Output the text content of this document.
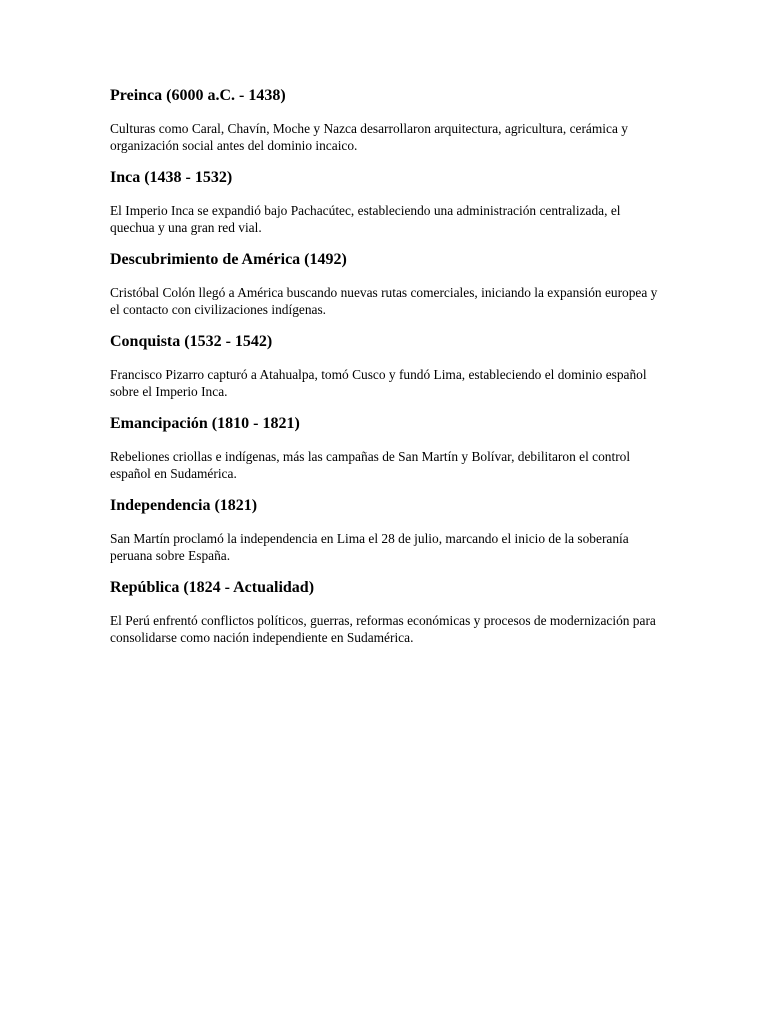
Preinca (6000 a.C. - 1438)

Culturas como Caral, Chavín, Moche y Nazca desarrollaron arquitectura, agricultura, cerámica y organización social antes del dominio incaico.

Inca (1438 - 1532)

El Imperio Inca se expandió bajo Pachacútec, estableciendo una administración centralizada, el quechua y una gran red vial.

Descubrimiento de América (1492)

Cristóbal Colón llegó a América buscando nuevas rutas comerciales, iniciando la expansión europea y el contacto con civilizaciones indígenas.

Conquista (1532 - 1542)

Francisco Pizarro capturó a Atahualpa, tomó Cusco y fundó Lima, estableciendo el dominio español sobre el Imperio Inca.

Emancipación (1810 - 1821)

Rebeliones criollas e indígenas, más las campañas de San Martín y Bolívar, debilitaron el control español en Sudamérica.

Independencia (1821)

San Martín proclamó la independencia en Lima el 28 de julio, marcando el inicio de la soberanía peruana sobre España.

República (1824 - Actualidad)

El Perú enfrentó conflictos políticos, guerras, reformas económicas y procesos de modernización para consolidarse como nación independiente en Sudamérica.
